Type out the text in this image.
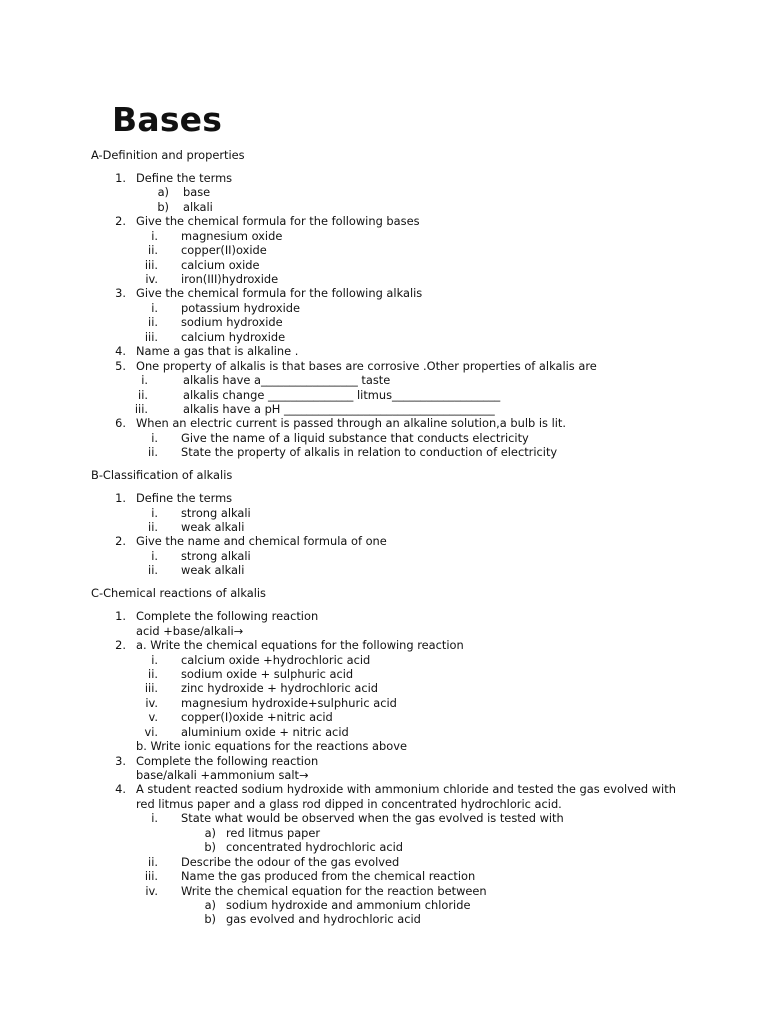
Bases
A-Definition and properties
1. Define the terms
a) base
b) alkali
2. Give the chemical formula for the following bases
i. magnesium oxide
ii. copper(II)oxide
iii. calcium oxide
iv. iron(III)hydroxide
3. Give the chemical formula for the following alkalis
i. potassium hydroxide
ii. sodium hydroxide
iii. calcium hydroxide
4. Name a gas that is alkaline .
5. One property of alkalis is that bases are corrosive .Other properties of alkalis are
i.	alkalis have a_________________ taste
ii.	alkalis change _______________ litmus___________________
iii.	alkalis have a pH _____________________________________
6. When an electric current is passed through an alkaline solution,a bulb is lit.
i. Give the name of a liquid substance that conducts electricity
ii. State the property of alkalis in relation to conduction of electricity
B-Classification of alkalis
1. Define the terms
i. strong alkali
ii. weak alkali
2. Give the name and chemical formula of one
i. strong alkali
ii. weak alkali
C-Chemical reactions of alkalis
1. Complete the following reaction
acid +base/alkali→
2. a. Write the chemical equations for the following reaction
i. calcium oxide +hydrochloric acid
ii. sodium oxide + sulphuric acid
iii. zinc hydroxide + hydrochloric acid
iv. magnesium hydroxide+sulphuric acid
v. copper(I)oxide +nitric acid
vi. aluminium oxide + nitric acid
b. Write ionic equations for the reactions above
3. Complete the following reaction
base/alkali +ammonium salt→
4. A student reacted sodium hydroxide with ammonium chloride and tested the gas evolved with
red litmus paper and a glass rod dipped in concentrated hydrochloric acid.
i. State what would be observed when the gas evolved is tested with
a) red litmus paper
b) concentrated hydrochloric acid
ii. Describe the odour of the gas evolved
iii. Name the gas produced from the chemical reaction
iv. Write the chemical equation for the reaction between
a) sodium hydroxide and ammonium chloride
b) gas evolved and hydrochloric acid
